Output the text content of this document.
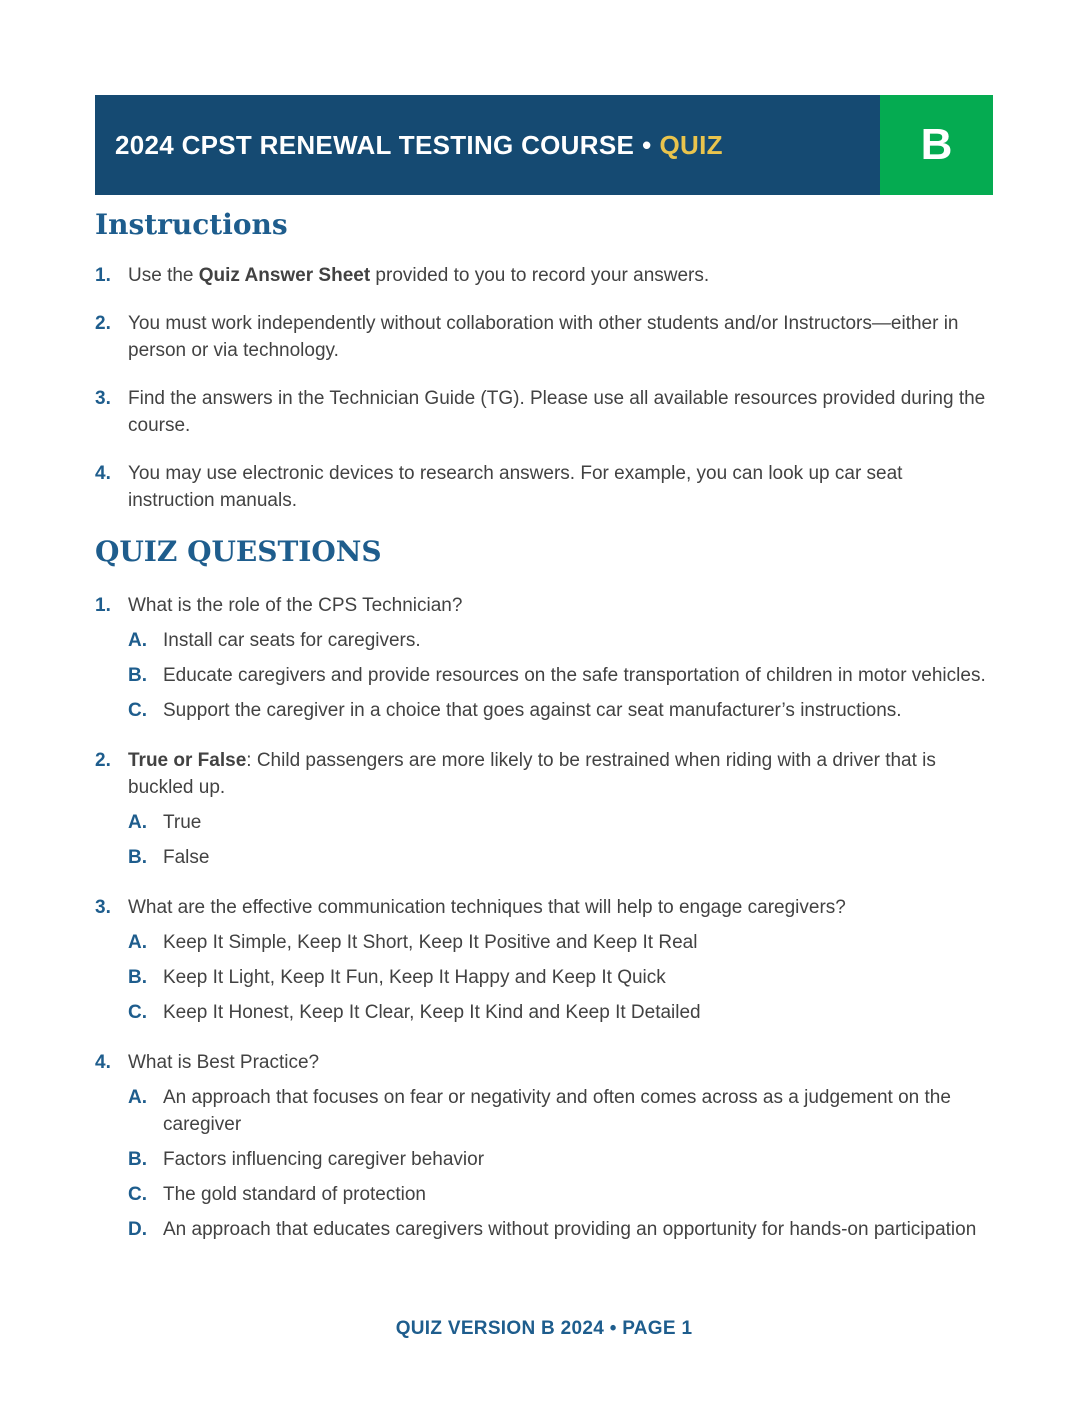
2024 CPST RENEWAL TESTING COURSE • QUIZ	B
Instructions
1. Use the Quiz Answer Sheet provided to you to record your answers.
2. You must work independently without collaboration with other students and/or Instructors—either in person or via technology.
3. Find the answers in the Technician Guide (TG). Please use all available resources provided during the course.
4. You may use electronic devices to research answers. For example, you can look up car seat instruction manuals.
QUIZ QUESTIONS
1. What is the role of the CPS Technician?
A. Install car seats for caregivers.
B. Educate caregivers and provide resources on the safe transportation of children in motor vehicles.
C. Support the caregiver in a choice that goes against car seat manufacturer’s instructions.
2. True or False: Child passengers are more likely to be restrained when riding with a driver that is buckled up.
A. True
B. False
3. What are the effective communication techniques that will help to engage caregivers?
A. Keep It Simple, Keep It Short, Keep It Positive and Keep It Real
B. Keep It Light, Keep It Fun, Keep It Happy and Keep It Quick
C. Keep It Honest, Keep It Clear, Keep It Kind and Keep It Detailed
4. What is Best Practice?
A. An approach that focuses on fear or negativity and often comes across as a judgement on the caregiver
B. Factors influencing caregiver behavior
C. The gold standard of protection
D. An approach that educates caregivers without providing an opportunity for hands-on participation
QUIZ VERSION B 2024 • PAGE 1
